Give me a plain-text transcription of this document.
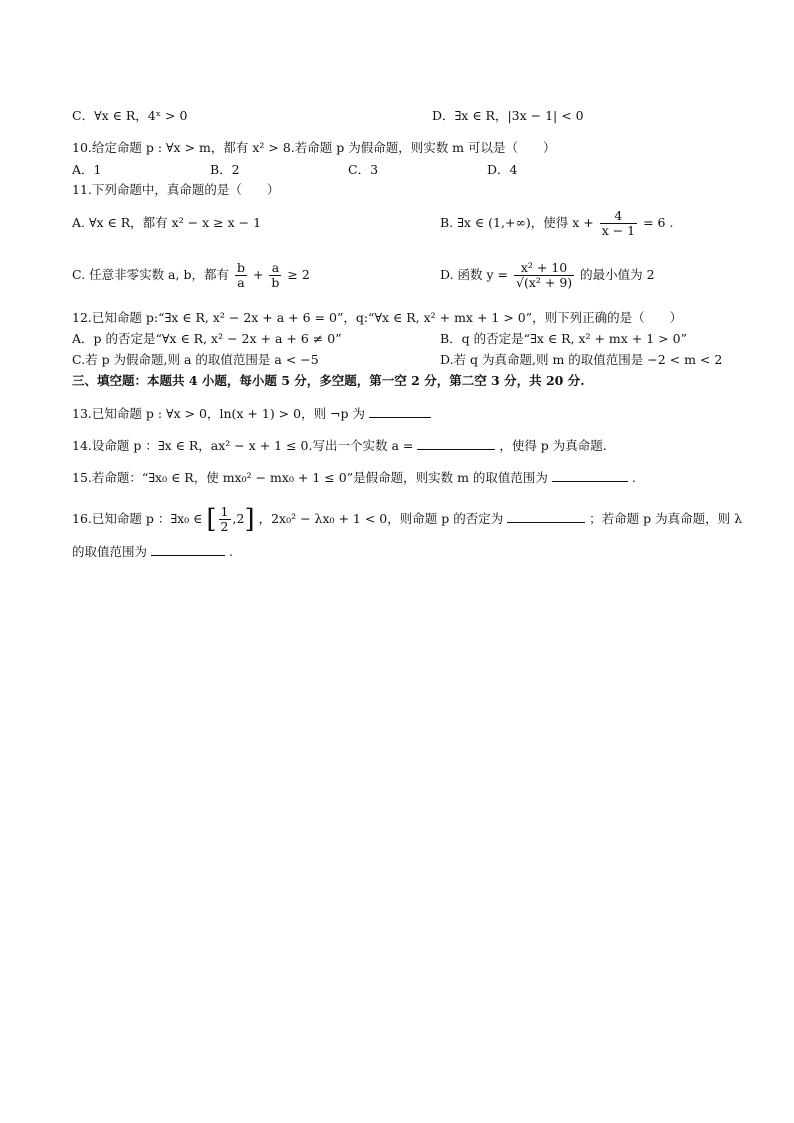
C．∀x ∈ R，4ˣ > 0	D．∃x ∈ R，|3x − 1| < 0
10.给定命题 p : ∀x > m，都有 x² > 8.若命题 p 为假命题，则实数 m 可以是（　　）
A．1	B．2	C．3	D．4
11.下列命题中，真命题的是（　　）
A. ∀x ∈ R，都有 x² − x ≥ x − 1	B. ∃x ∈ (1,+∞)，使得 $x + \frac{4}{x - 1} = 6$ .
C. 任意非零实数 a, b，都有 $\frac{b}{a} + \frac{a}{b} \ge 2$	D. 函数 $y = \frac{\text{x² + 10}}{\text{√(x² + 9)}}$ 的最小值为 2
12.已知命题 p:“∃x ∈ R, x² − 2x + a + 6 = 0”，q:“∀x ∈ R, x² + mx + 1 > 0”，则下列正确的是（　　）
A．p 的否定是“∀x ∈ R, x² − 2x + a + 6 ≠ 0”	B．q 的否定是“∃x ∈ R, x² + mx + 1 > 0”
C.若 p 为假命题,则 a 的取值范围是 a < −5	D.若 q 为真命题,则 m 的取值范围是 −2 < m < 2
三、填空题：本题共 4 小题，每小题 5 分，多空题，第一空 2 分，第二空 3 分，共 20 分.
13.已知命题 p : ∀x > 0，ln(x + 1) > 0，则 ¬p 为
14.设命题 p ：∃x ∈ R，ax² − x + 1 ≤ 0.写出一个实数 a =	，使得 p 为真命题.
15.若命题：“∃x₀ ∈ R，使 mx₀² − mx₀ + 1 ≤ 0”是假命题，则实数 m 的取值范围为	.
16.已知命题 p ：∃x₀ ∈ [ $\frac{1}{2} ,2$] ，2x₀² − λx₀ + 1 < 0，则命题 p 的否定为	；若命题 p 为真命题，则 λ
的取值范围为	.
